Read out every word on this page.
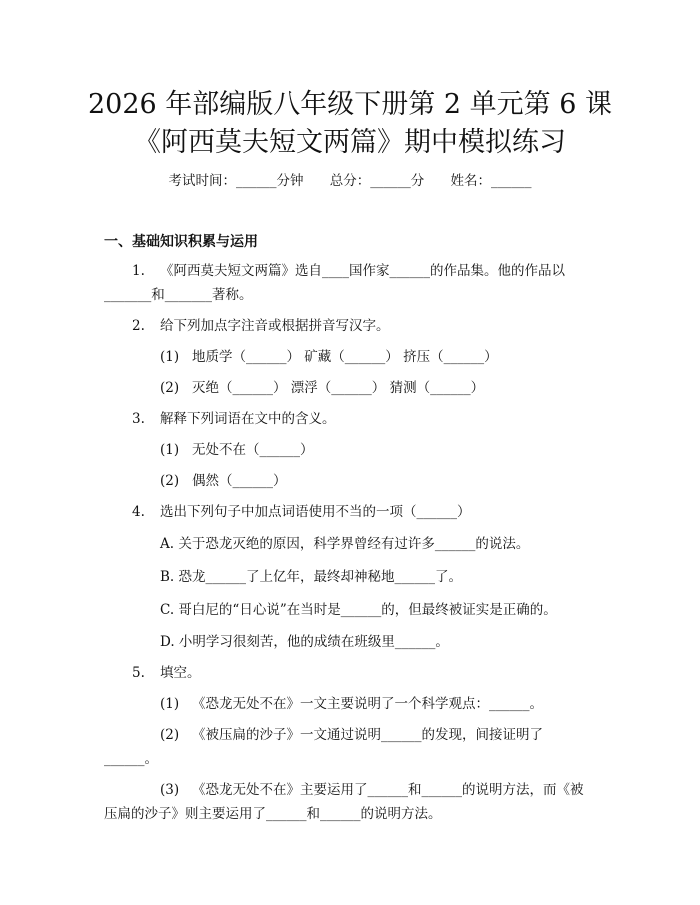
2026 年部编版八年级下册第 2 单元第 6 课
《阿西莫夫短文两篇》期中模拟练习
考试时间：______分钟 总分：______分 姓名：______
一、基础知识积累与运用
1. 《阿西莫夫短文两篇》选自____国作家______的作品集。他的作品以
_______和_______著称。
2. 给下列加点字注音或根据拼音写汉字。
(1) 地质学（______） 矿藏（______） 挤压（______）
(2) 灭绝（______） 漂浮（______） 猜测（______）
3. 解释下列词语在文中的含义。
(1) 无处不在（______）
(2) 偶然（______）
4. 选出下列句子中加点词语使用不当的一项（______）
A. 关于恐龙灭绝的原因，科学界曾经有过许多______的说法。
B. 恐龙______了上亿年，最终却神秘地______了。
C. 哥白尼的“日心说”在当时是______的，但最终被证实是正确的。
D. 小明学习很刻苦，他的成绩在班级里______。
5. 填空。
(1) 《恐龙无处不在》一文主要说明了一个科学观点：______。
(2) 《被压扁的沙子》一文通过说明______的发现，间接证明了
______。
(3) 《恐龙无处不在》主要运用了______和______的说明方法，而《被
压扁的沙子》则主要运用了______和______的说明方法。
